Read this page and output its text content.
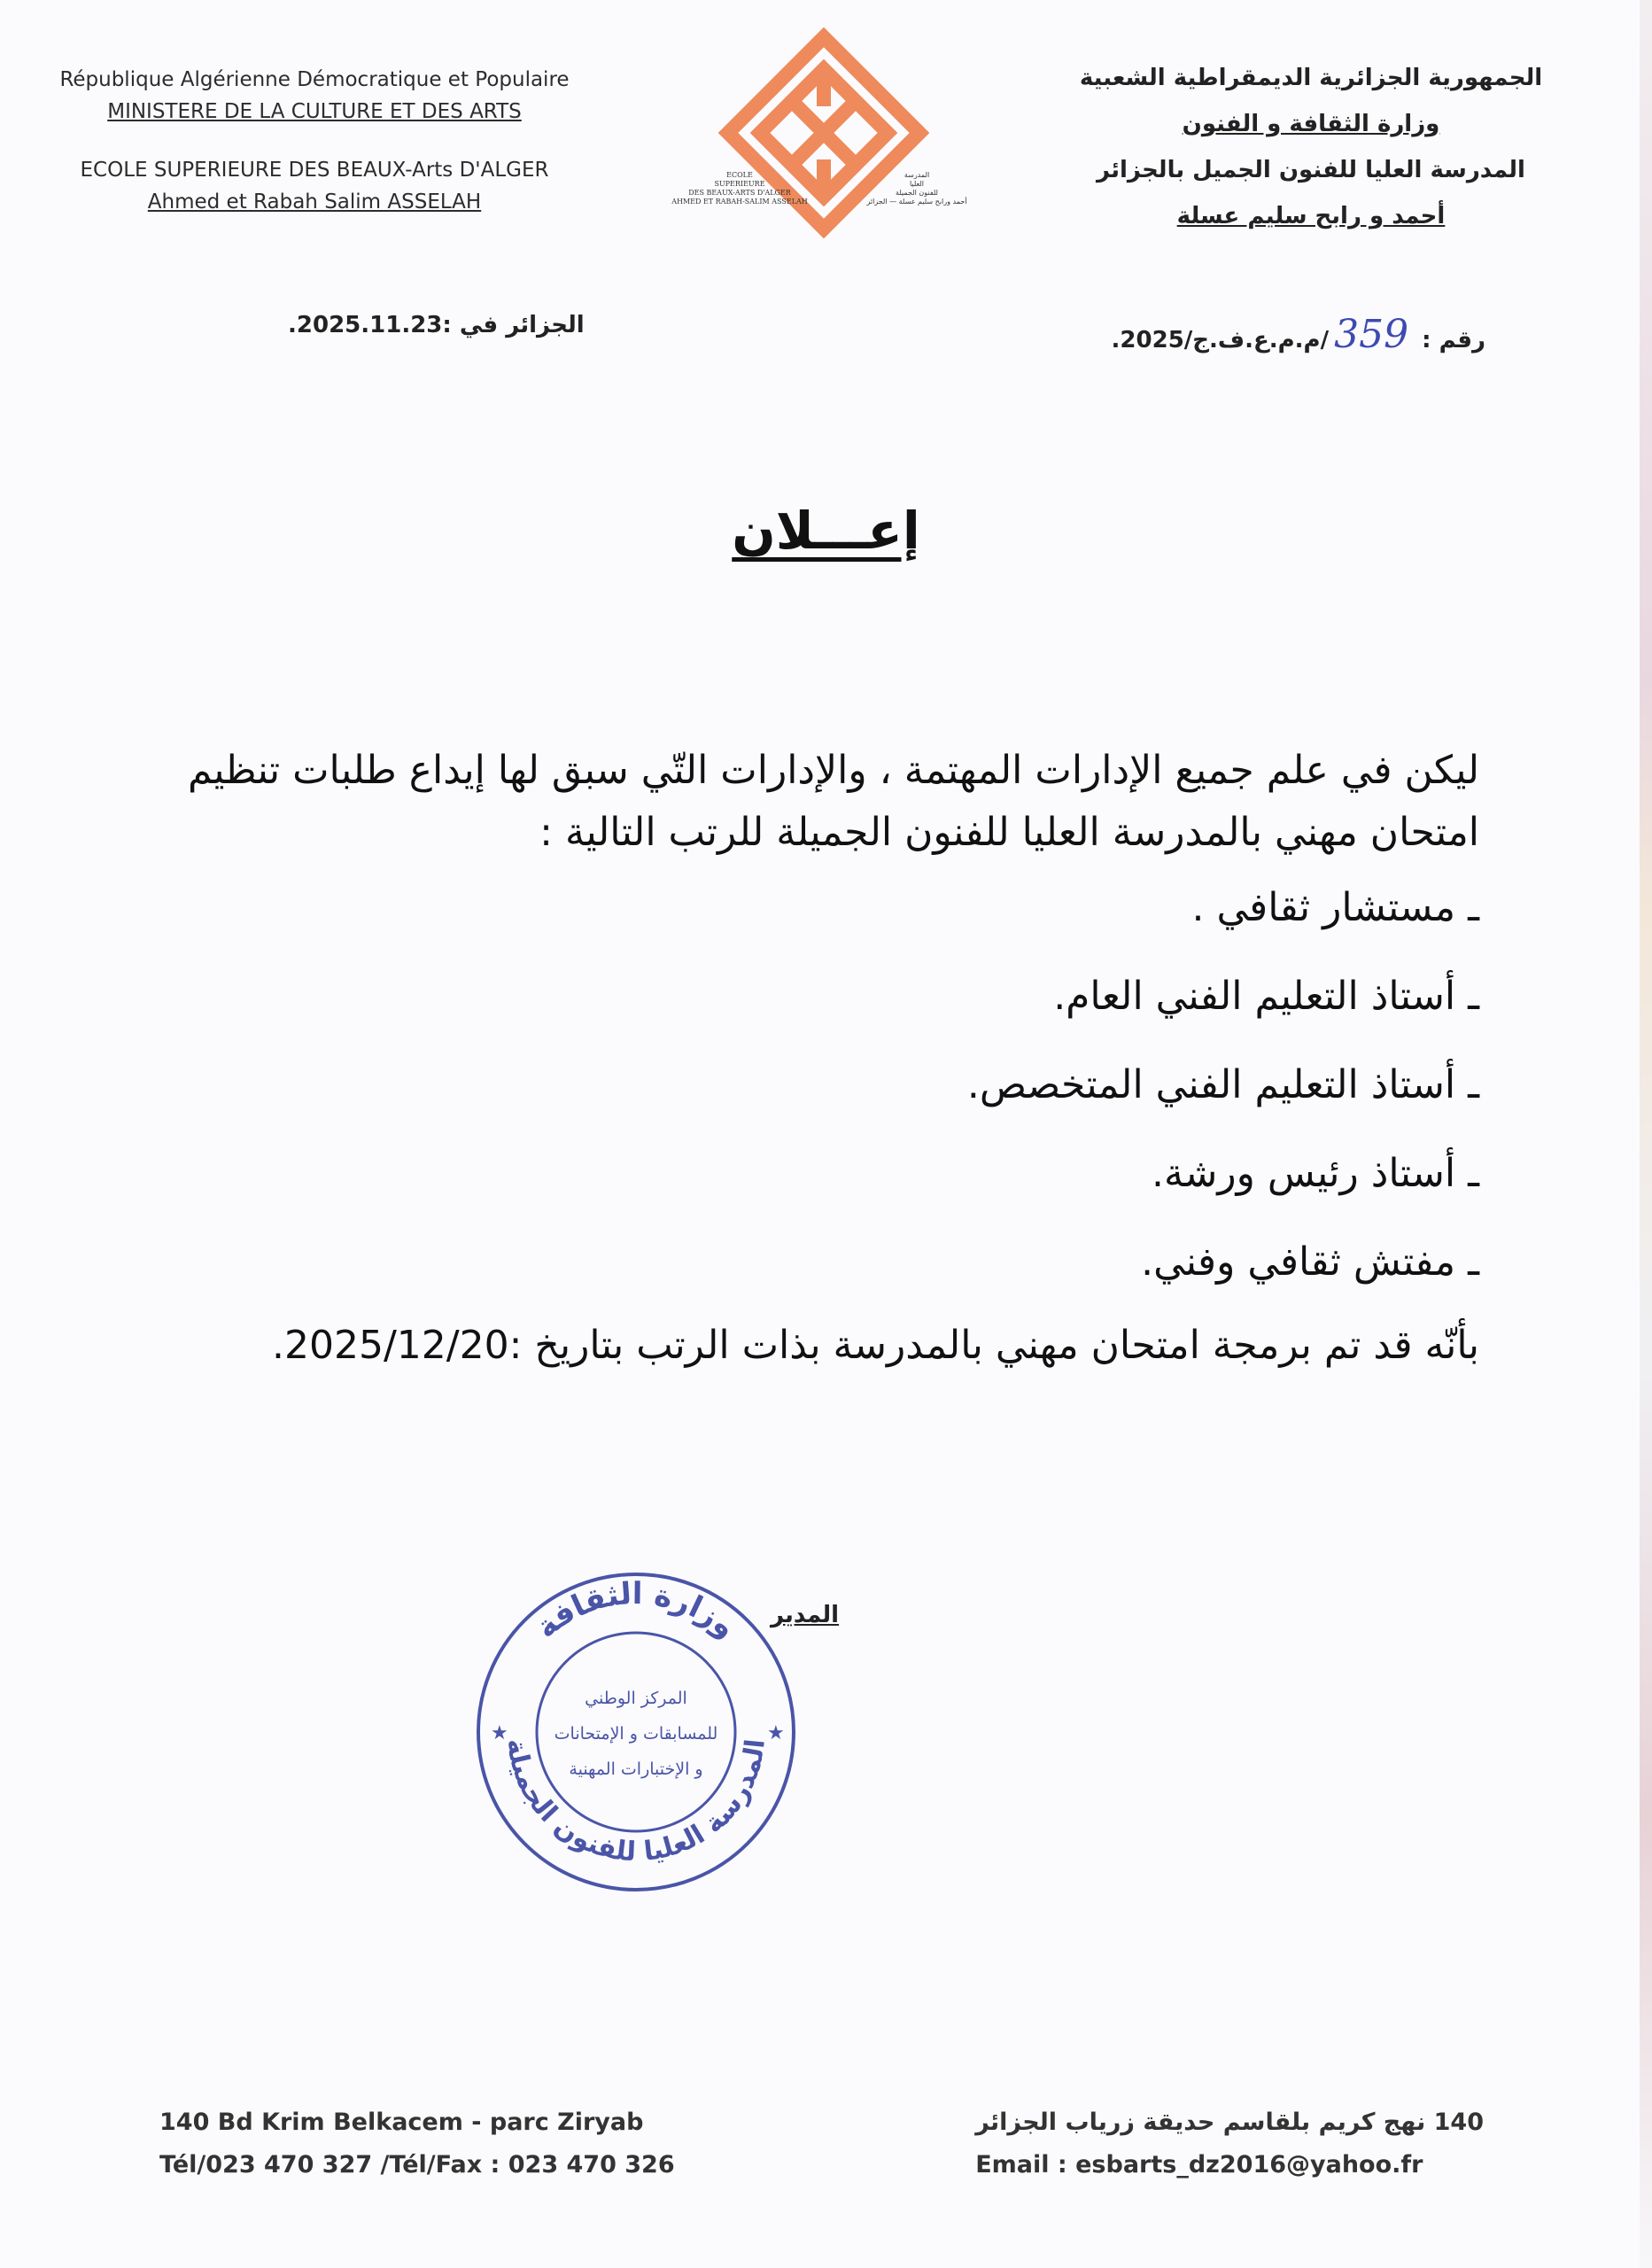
République Algérienne Démocratique et Populaire
MINISTERE DE LA CULTURE ET DES ARTS
ECOLE SUPERIEURE DES BEAUX-Arts D'ALGER
Ahmed et Rabah Salim ASSELAH
ECOLE
SUPERIEURE
DES BEAUX-ARTS D'ALGER
AHMED ET RABAH-SALIM ASSELAH
المدرسة
العليا
للفنون الجميلة
أحمد ورابح سليم عسلة — الجزائر
الجمهورية الجزائرية الديمقراطية الشعبية
وزارة الثقافة و الفنون
المدرسة العليا للفنون الجميل بالجزائر
أحمد و رابح سليم عسلة
رقم : 359/م.م.ع.ف.ج/2025.
الجزائر في :2025.11.23.
إعـــلان

ليكن في علم جميع الإدارات المهتمة ، والإدارات التّي سبق لها إيداع طلبات تنظيم امتحان مهني بالمدرسة العليا للفنون الجميلة للرتب التالية :

ـ مستشار ثقافي .

ـ أستاذ التعليم الفني العام.

ـ أستاذ التعليم الفني المتخصص.

ـ أستاذ رئيس ورشة.

ـ مفتش ثقافي وفني.

بأنّه قد تم برمجة امتحان مهني بالمدرسة بذات الرتب بتاريخ :2025/12/20.

المدير
وزارة الثقافة
المدرسة العليا للفنون الجميلة
★	★
المركز الوطني
للمسابقات و الإمتحانات
و الإختبارات المهنية
140 Bd Krim Belkacem - parc Ziryab
Tél/023 470 327 /Tél/Fax : 023 470 326
140 نهج كريم بلقاسم حديقة زرياب الجزائر
Email : esbarts_dz2016@yahoo.fr
